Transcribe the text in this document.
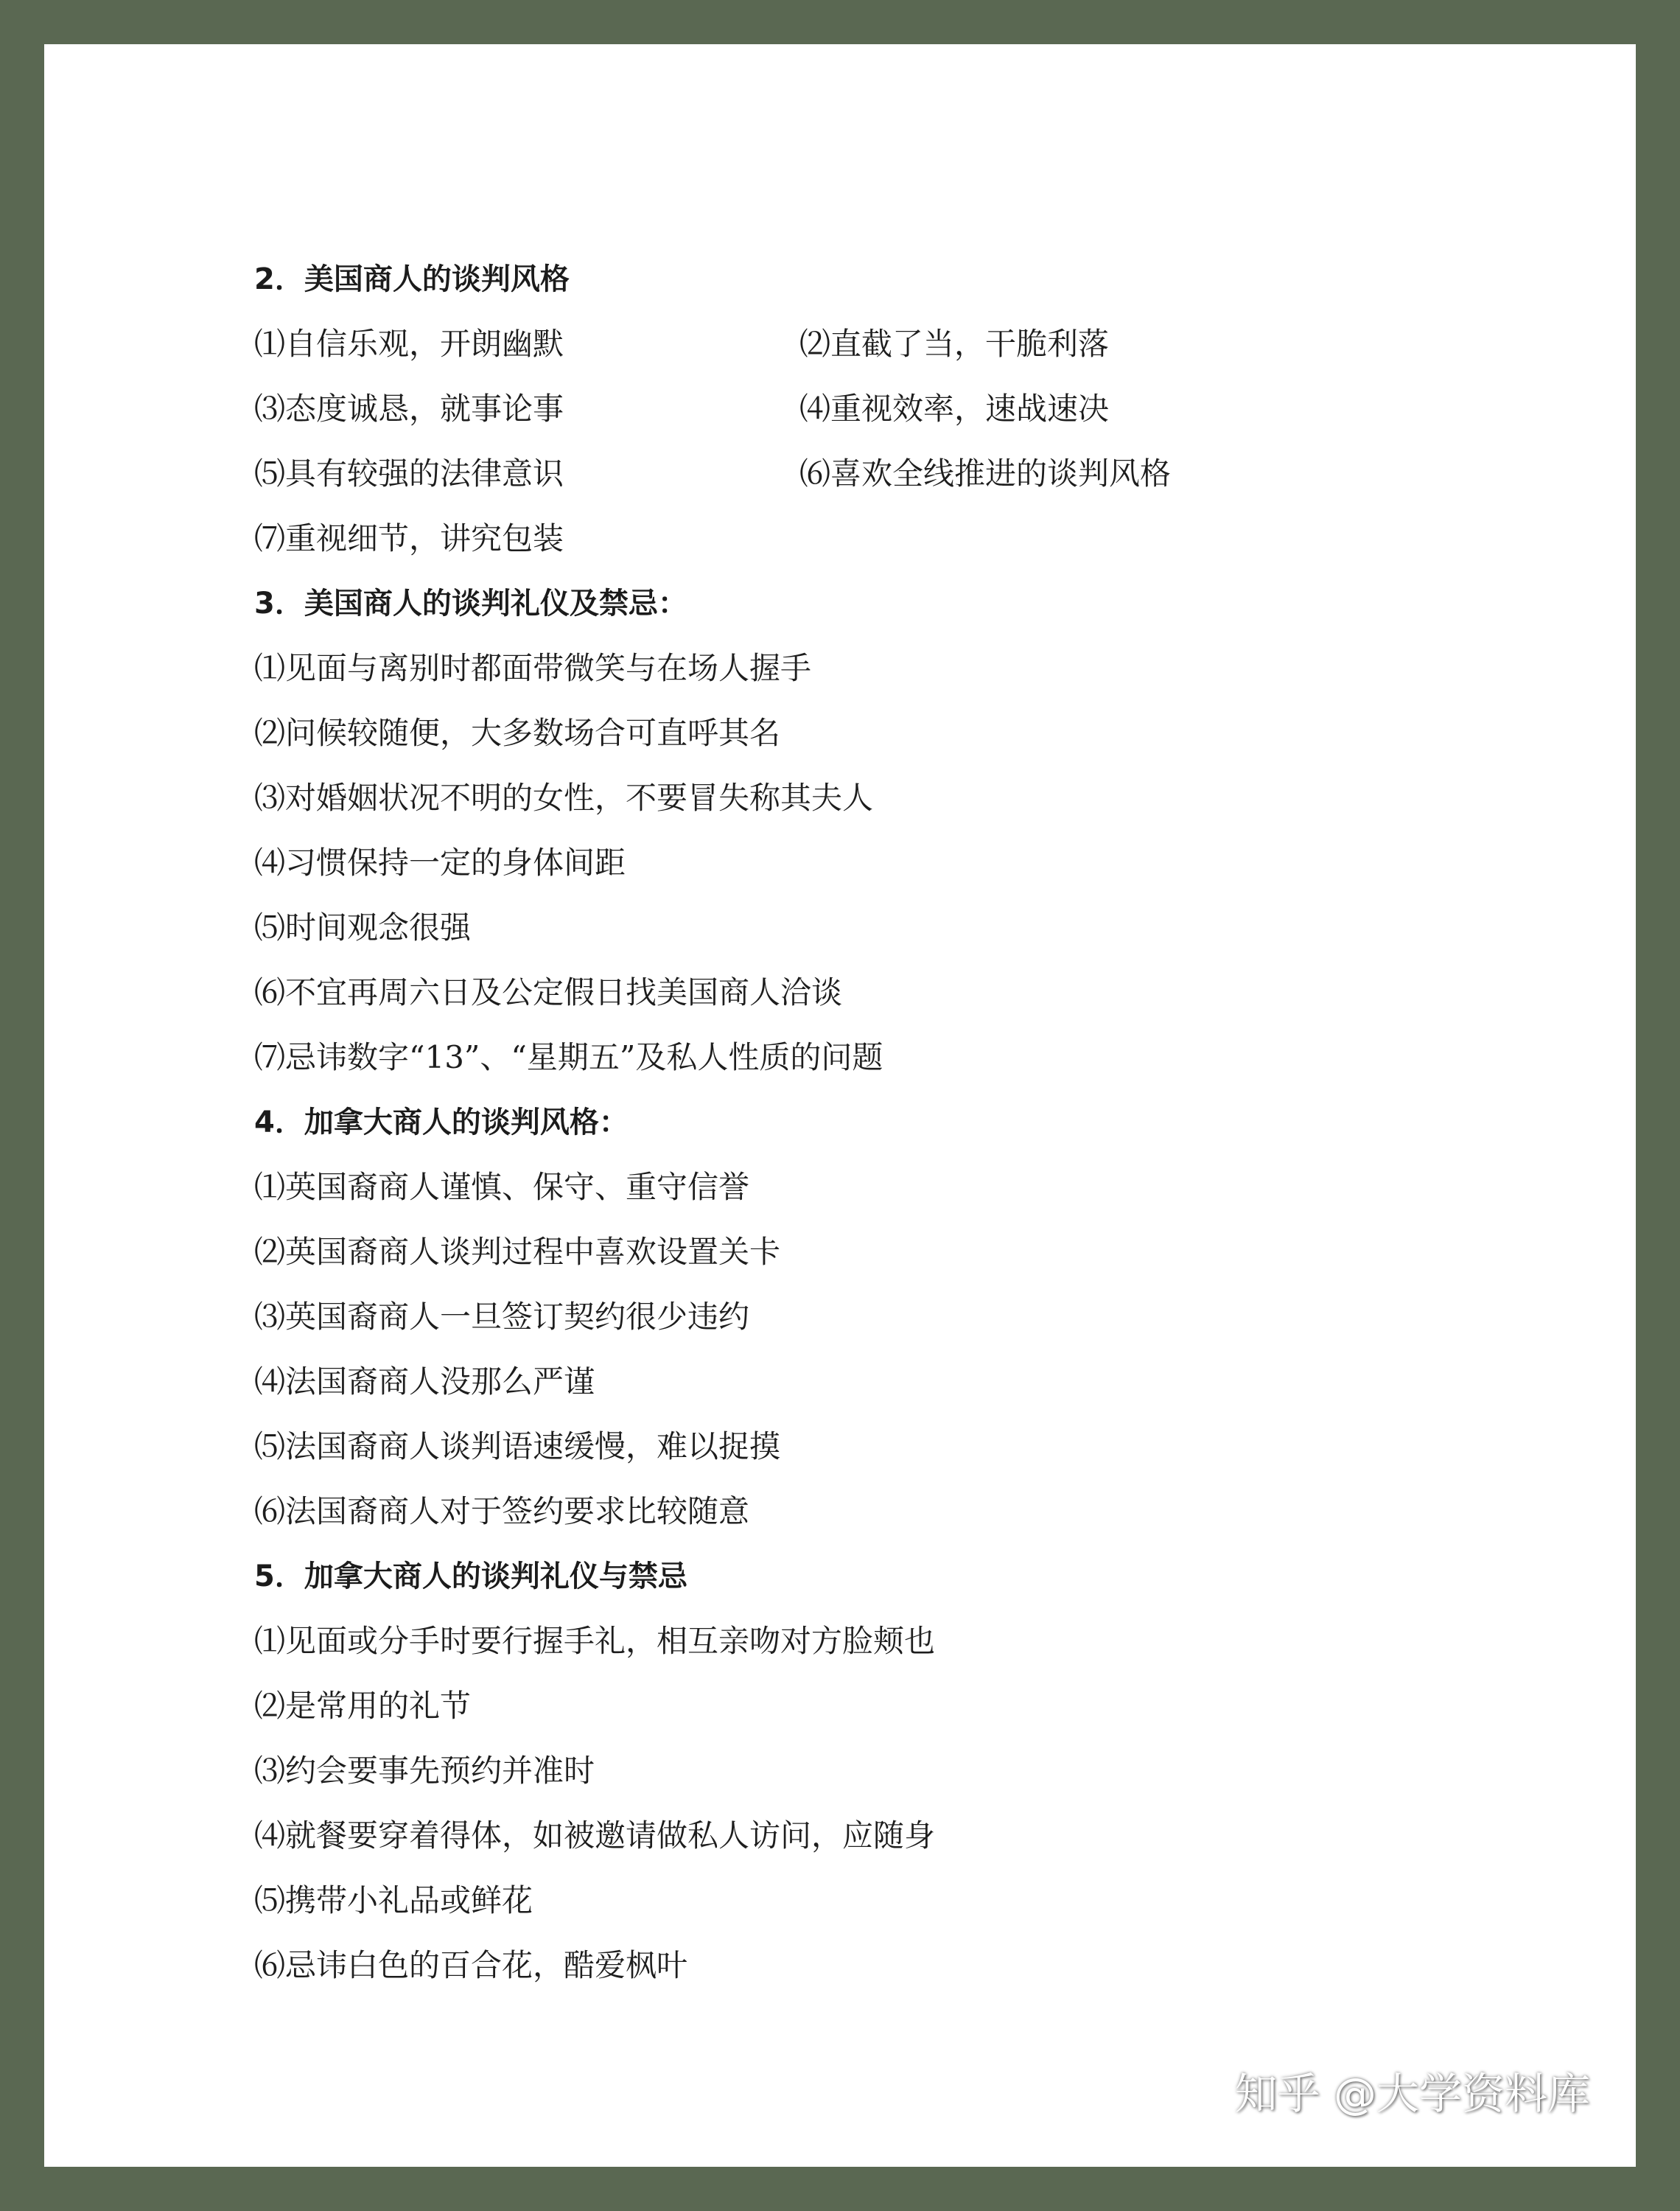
2．美国商人的谈判风格
⑴自信乐观，开朗幽默	⑵直截了当，干脆利落
⑶态度诚恳，就事论事	⑷重视效率，速战速决
⑸具有较强的法律意识	⑹喜欢全线推进的谈判风格
⑺重视细节，讲究包装
3．美国商人的谈判礼仪及禁忌：
⑴见面与离别时都面带微笑与在场人握手
⑵问候较随便，大多数场合可直呼其名
⑶对婚姻状况不明的女性，不要冒失称其夫人
⑷习惯保持一定的身体间距
⑸时间观念很强
⑹不宜再周六日及公定假日找美国商人洽谈
⑺忌讳数字“13”、“星期五”及私人性质的问题
4．加拿大商人的谈判风格：
⑴英国裔商人谨慎、保守、重守信誉
⑵英国裔商人谈判过程中喜欢设置关卡
⑶英国裔商人一旦签订契约很少违约
⑷法国裔商人没那么严谨
⑸法国裔商人谈判语速缓慢，难以捉摸
⑹法国裔商人对于签约要求比较随意
5．加拿大商人的谈判礼仪与禁忌
⑴见面或分手时要行握手礼，相互亲吻对方脸颊也
⑵是常用的礼节
⑶约会要事先预约并准时
⑷就餐要穿着得体，如被邀请做私人访问，应随身
⑸携带小礼品或鲜花
⑹忌讳白色的百合花，酷爱枫叶
知乎 @大学资料库
